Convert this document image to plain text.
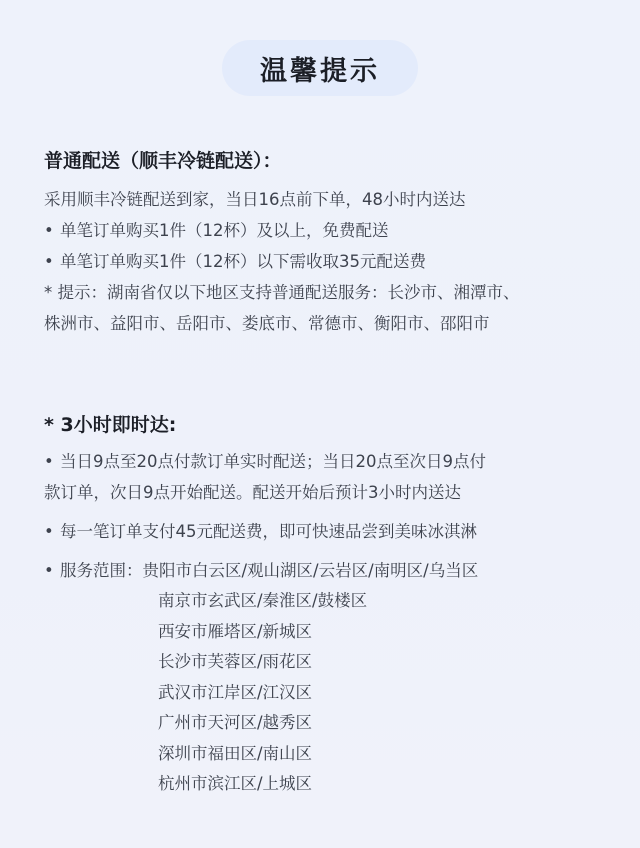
温馨提示
普通配送（顺丰冷链配送）：
采用顺丰冷链配送到家，当日16点前下单，48小时内送达
• 单笔订单购买1件（12杯）及以上，免费配送
• 单笔订单购买1件（12杯）以下需收取35元配送费
* 提示：湖南省仅以下地区支持普通配送服务：长沙市、湘潭市、
株洲市、益阳市、岳阳市、娄底市、常德市、衡阳市、邵阳市
* 3小时即时达:
• 当日9点至20点付款订单实时配送；当日20点至次日9点付
款订单，次日9点开始配送。配送开始后预计3小时内送达
• 每一笔订单支付45元配送费，即可快速品尝到美味冰淇淋
• 服务范围：贵阳市白云区/观山湖区/云岩区/南明区/乌当区
南京市玄武区/秦淮区/鼓楼区
西安市雁塔区/新城区
长沙市芙蓉区/雨花区
武汉市江岸区/江汉区
广州市天河区/越秀区
深圳市福田区/南山区
杭州市滨江区/上城区
